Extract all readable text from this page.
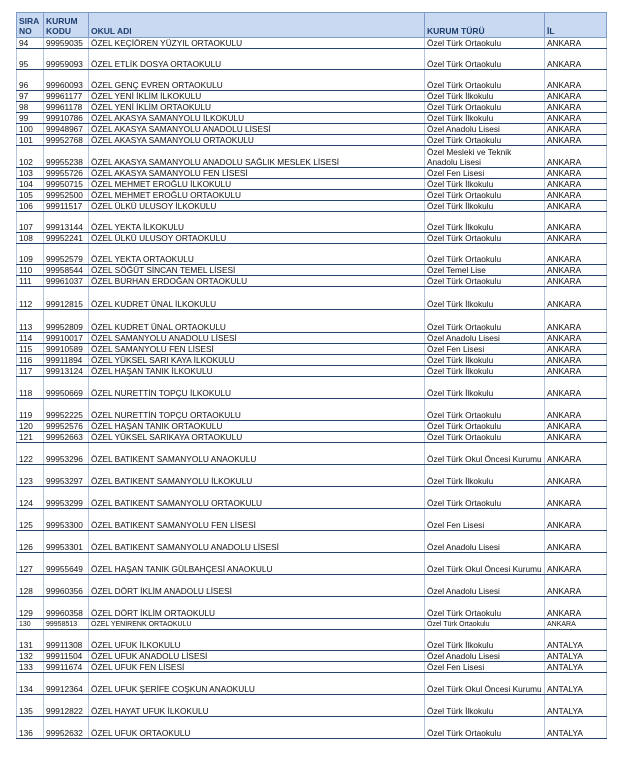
SIRA NO	KURUM KODU	OKUL ADI	KURUM TÜRÜ	İL
94	99959035	ÖZEL KEÇİÖREN YÜZYIL ORTAOKULU	Özel Türk Ortaokulu	ANKARA
95	99959093	ÖZEL ETLİK DOSYA ORTAOKULU	Özel Türk Ortaokulu	ANKARA
96	99960093	ÖZEL GENÇ EVREN ORTAOKULU	Özel Türk Ortaokulu	ANKARA
97	99961177	ÖZEL YENİ İKLİM İLKOKULU	Özel Türk İlkokulu	ANKARA
98	99961178	ÖZEL YENİ İKLİM ORTAOKULU	Özel Türk Ortaokulu	ANKARA
99	99910786	ÖZEL AKASYA SAMANYOLU İLKOKULU	Özel Türk İlkokulu	ANKARA
100	99948967	ÖZEL AKASYA SAMANYOLU ANADOLU LİSESİ	Özel Anadolu Lisesi	ANKARA
101	99952768	ÖZEL AKASYA SAMANYOLU ORTAOKULU	Özel Türk Ortaokulu	ANKARA
102	99955238	ÖZEL AKASYA SAMANYOLU ANADOLU SAĞLIK MESLEK LİSESİ	Özel Mesleki ve Teknik Anadolu Lisesi	ANKARA
103	99955726	ÖZEL AKASYA SAMANYOLU FEN LİSESİ	Özel Fen Lisesi	ANKARA
104	99950715	ÖZEL MEHMET EROĞLU İLKOKULU	Özel Türk İlkokulu	ANKARA
105	99952500	ÖZEL MEHMET EROĞLU ORTAOKULU	Özel Türk Ortaokulu	ANKARA
106	99911517	ÖZEL ÜLKÜ ULUSOY İLKOKULU	Özel Türk İlkokulu	ANKARA
107	99913144	ÖZEL YEKTA İLKOKULU	Özel Türk İlkokulu	ANKARA
108	99952241	ÖZEL ÜLKÜ ULUSOY ORTAOKULU	Özel Türk Ortaokulu	ANKARA
109	99952579	ÖZEL YEKTA ORTAOKULU	Özel Türk Ortaokulu	ANKARA
110	99958544	ÖZEL SÖĞÜT SİNCAN TEMEL LİSESİ	Özel Temel Lise	ANKARA
111	99961037	ÖZEL BURHAN ERDOĞAN ORTAOKULU	Özel Türk Ortaokulu	ANKARA
112	99912815	ÖZEL KUDRET ÜNAL İLKOKULU	Özel Türk İlkokulu	ANKARA
113	99952809	ÖZEL KUDRET ÜNAL ORTAOKULU	Özel Türk Ortaokulu	ANKARA
114	99910017	ÖZEL SAMANYOLU ANADOLU LİSESİ	Özel Anadolu Lisesi	ANKARA
115	99910589	ÖZEL SAMANYOLU FEN LİSESİ	Özel Fen Lisesi	ANKARA
116	99911894	ÖZEL YÜKSEL SARI KAYA İLKOKULU	Özel Türk İlkokulu	ANKARA
117	99913124	ÖZEL HAŞAN TANIK İLKOKULU	Özel Türk İlkokulu	ANKARA
118	99950669	ÖZEL NURETTİN TOPÇU İLKOKULU	Özel Türk İlkokulu	ANKARA
119	99952225	ÖZEL NURETTİN TOPÇU ORTAOKULU	Özel Türk Ortaokulu	ANKARA
120	99952576	ÖZEL HAŞAN TANIK ORTAOKULU	Özel Türk Ortaokulu	ANKARA
121	99952663	ÖZEL YÜKSEL SARIKAYA ORTAOKULU	Özel Türk Ortaokulu	ANKARA
122	99953296	ÖZEL BATIKENT SAMANYOLU ANAOKULU	Özel Türk Okul Öncesi Kurumu	ANKARA
123	99953297	ÖZEL BATIKENT SAMANYOLU İLKOKULU	Özel Türk İlkokulu	ANKARA
124	99953299	ÖZEL BATIKENT SAMANYOLU ORTAOKULU	Özel Türk Ortaokulu	ANKARA
125	99953300	ÖZEL BATIKENT SAMANYOLU FEN LİSESİ	Özel Fen Lisesi	ANKARA
126	99953301	ÖZEL BATIKENT SAMANYOLU ANADOLU LİSESİ	Özel Anadolu Lisesi	ANKARA
127	99955649	ÖZEL HAŞAN TANIK GÜLBAHÇESİ ANAOKULU	Özel Türk Okul Öncesi Kurumu	ANKARA
128	99960356	ÖZEL DÖRT İKLİM ANADOLU LİSESİ	Özel Anadolu Lisesi	ANKARA
129	99960358	ÖZEL DÖRT İKLİM ORTAOKULU	Özel Türk Ortaokulu	ANKARA
130	99958513	ÖZEL YENİRENK ORTAOKULU	Özel Türk Ortaokulu	ANKARA
131	99911308	ÖZEL UFUK İLKOKULU	Özel Türk İlkokulu	ANTALYA
132	99911504	ÖZEL UFUK ANADOLU LİSESİ	Özel Anadolu Lisesi	ANTALYA
133	99911674	ÖZEL UFUK FEN LİSESİ	Özel Fen Lisesi	ANTALYA
134	99912364	ÖZEL UFUK ŞERİFE COŞKUN ANAOKULU	Özel Türk Okul Öncesi Kurumu	ANTALYA
135	99912822	ÖZEL HAYAT UFUK İLKOKULU	Özel Türk İlkokulu	ANTALYA
136	99952632	ÖZEL UFUK ORTAOKULU	Özel Türk Ortaokulu	ANTALYA
